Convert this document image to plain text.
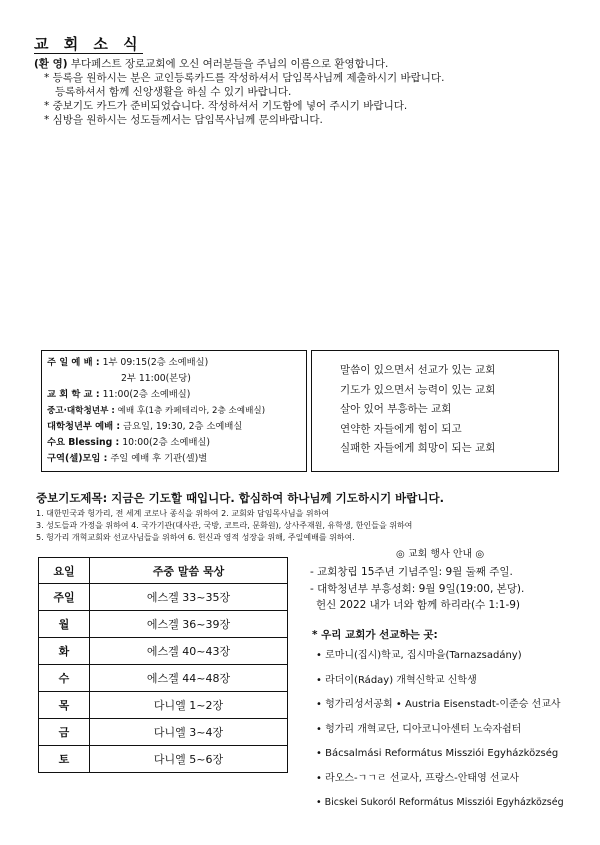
교 회 소 식
(환 영) 부다페스트 장로교회에 오신 여러분들을 주님의 이름으로 환영합니다.
* 등록을 원하시는 분은 교인등록카드를 작성하셔서 담임목사님께 제출하시기 바랍니다.
등록하셔서 함께 신앙생활을 하실 수 있기 바랍니다.
* 중보기도 카드가 준비되었습니다. 작성하셔서 기도함에 넣어 주시기 바랍니다.
* 심방을 원하시는 성도들께서는 담임목사님께 문의바랍니다.
주 일 예 배 : 1부 09:15(2층 소예배실)
2부 11:00(본당)
교 회 학 교 : 11:00(2층 소예배실)
중고·대학청년부 : 예배 후(1층 카페테리아, 2층 소예배실)
대학청년부 예배 : 금요일, 19:30, 2층 소예배실
수요 Blessing : 10:00(2층 소예배실)
구역(셀)모임 : 주일 예배 후 기관(셀)별
말씀이 있으면서 선교가 있는 교회
기도가 있으면서 능력이 있는 교회
살아 있어 부흥하는 교회
연약한 자들에게 힘이 되고
실패한 자들에게 희망이 되는 교회
중보기도제목: 지금은 기도할 때입니다. 합심하여 하나님께 기도하시기 바랍니다.
1. 대한민국과 헝가리, 전 세계 코로나 종식을 위하여 2. 교회와 담임목사님을 위하여
3. 성도들과 가정을 위하여 4. 국가기관(대사관, 국방, 코트라, 문화원), 상사주재원, 유학생, 한인들을 위하여
5. 헝가리 개혁교회와 선교사님들을 위하여 6. 헌신과 영적 성장을 위해, 주일예배를 위하여.
요일	주중 말씀 묵상
주일	에스겔 33~35장
월	에스겔 36~39장
화	에스겔 40~43장
수	에스겔 44~48장
목	다니엘 1~2장
금	다니엘 3~4장
토	다니엘 5~6장
◎ 교회 행사 안내 ◎
- 교회창립 15주년 기념주일: 9월 둘째 주일.
- 대학청년부 부흥성회: 9월 9일(19:00, 본당).
헌신 2022 내가 너와 함께 하리라(수 1:1-9)
* 우리 교회가 선교하는 곳:
• 로마니(집시)학교, 집시마을(Tarnazsadány)
• 라더이(Ráday) 개혁신학교 신학생
• 헝가리성서공회 • Austria Eisenstadt-이준승 선교사
• 헝가리 개혁교단, 디아코니아센터 노숙자쉼터
• Bácsalmási Református Missziói Egyházközség
• 라오스-ㄱㄱㄹ 선교사, 프랑스-안태영 선교사
• Bicskei Sukoról Református Missziói Egyházközség
